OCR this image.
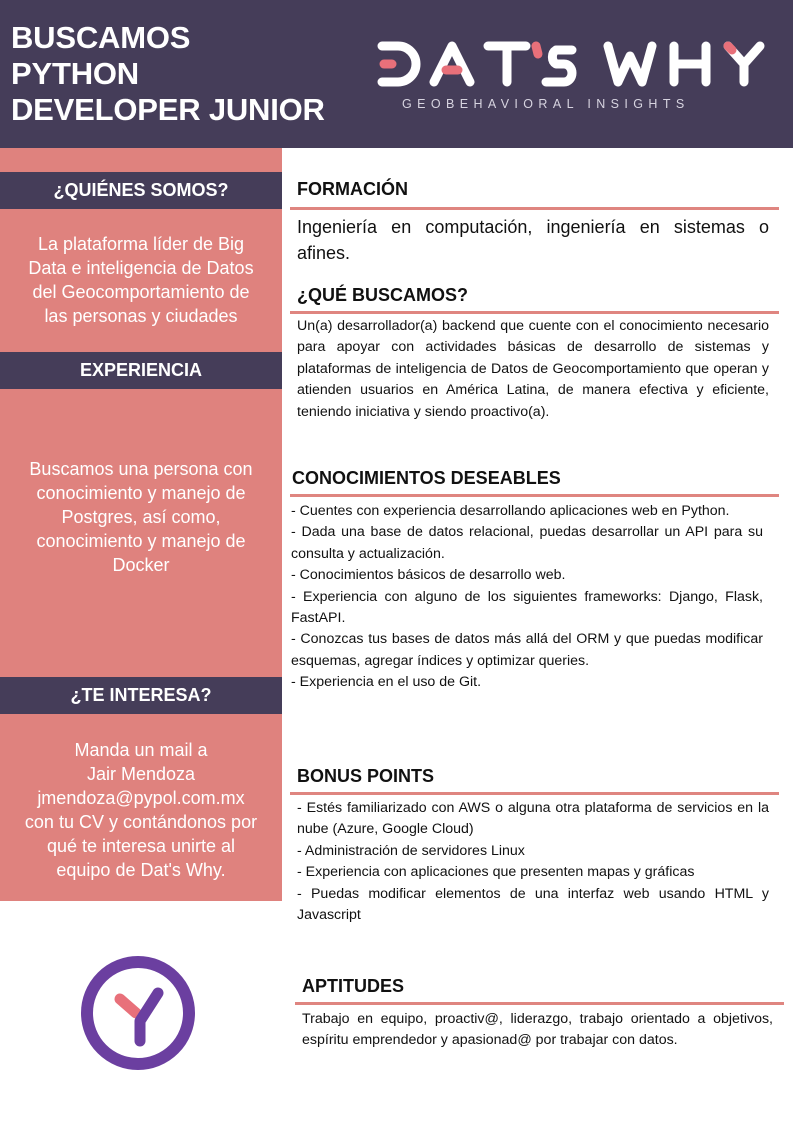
BUSCAMOS
PYTHON
DEVELOPER JUNIOR	GEOBEHAVIORAL INSIGHTS
¿QUIÉNES SOMOS?
La plataforma líder de Big
Data e inteligencia de Datos
del Geocomportamiento de
las personas y ciudades
EXPERIENCIA
Buscamos una persona con
conocimiento y manejo de
Postgres, así como,
conocimiento y manejo de
Docker
¿TE INTERESA?
Manda un mail a
Jair Mendoza
jmendoza@pypol.com.mx
con tu CV y contándonos por
qué te interesa unirte al
equipo de Dat's Why.
FORMACIÓN
Ingeniería en computación, ingeniería en sistemas o afines.
¿QUÉ BUSCAMOS?
Un(a) desarrollador(a) backend que cuente con el conocimiento necesario para apoyar con actividades básicas de desarrollo de sistemas y plataformas de inteligencia de Datos de Geocomportamiento que operan y atienden usuarios en América Latina, de manera efectiva y eficiente, teniendo iniciativa y siendo proactivo(a).
CONOCIMIENTOS DESEABLES
- Cuentes con experiencia desarrollando aplicaciones web en Python.
- Dada una base de datos relacional, puedas desarrollar un API para su consulta y actualización.
- Conocimientos básicos de desarrollo web.
- Experiencia con alguno de los siguientes frameworks: Django, Flask, FastAPI.
- Conozcas tus bases de datos más allá del ORM y que puedas modificar esquemas, agregar índices y optimizar queries.
- Experiencia en el uso de Git.
BONUS POINTS
- Estés familiarizado con AWS o alguna otra plataforma de servicios en la nube (Azure, Google Cloud)
- Administración de servidores Linux
- Experiencia con aplicaciones que presenten mapas y gráficas
- Puedas modificar elementos de una interfaz web usando HTML y Javascript
APTITUDES
Trabajo en equipo, proactiv@, liderazgo, trabajo orientado a objetivos, espíritu emprendedor y apasionad@ por trabajar con datos.
